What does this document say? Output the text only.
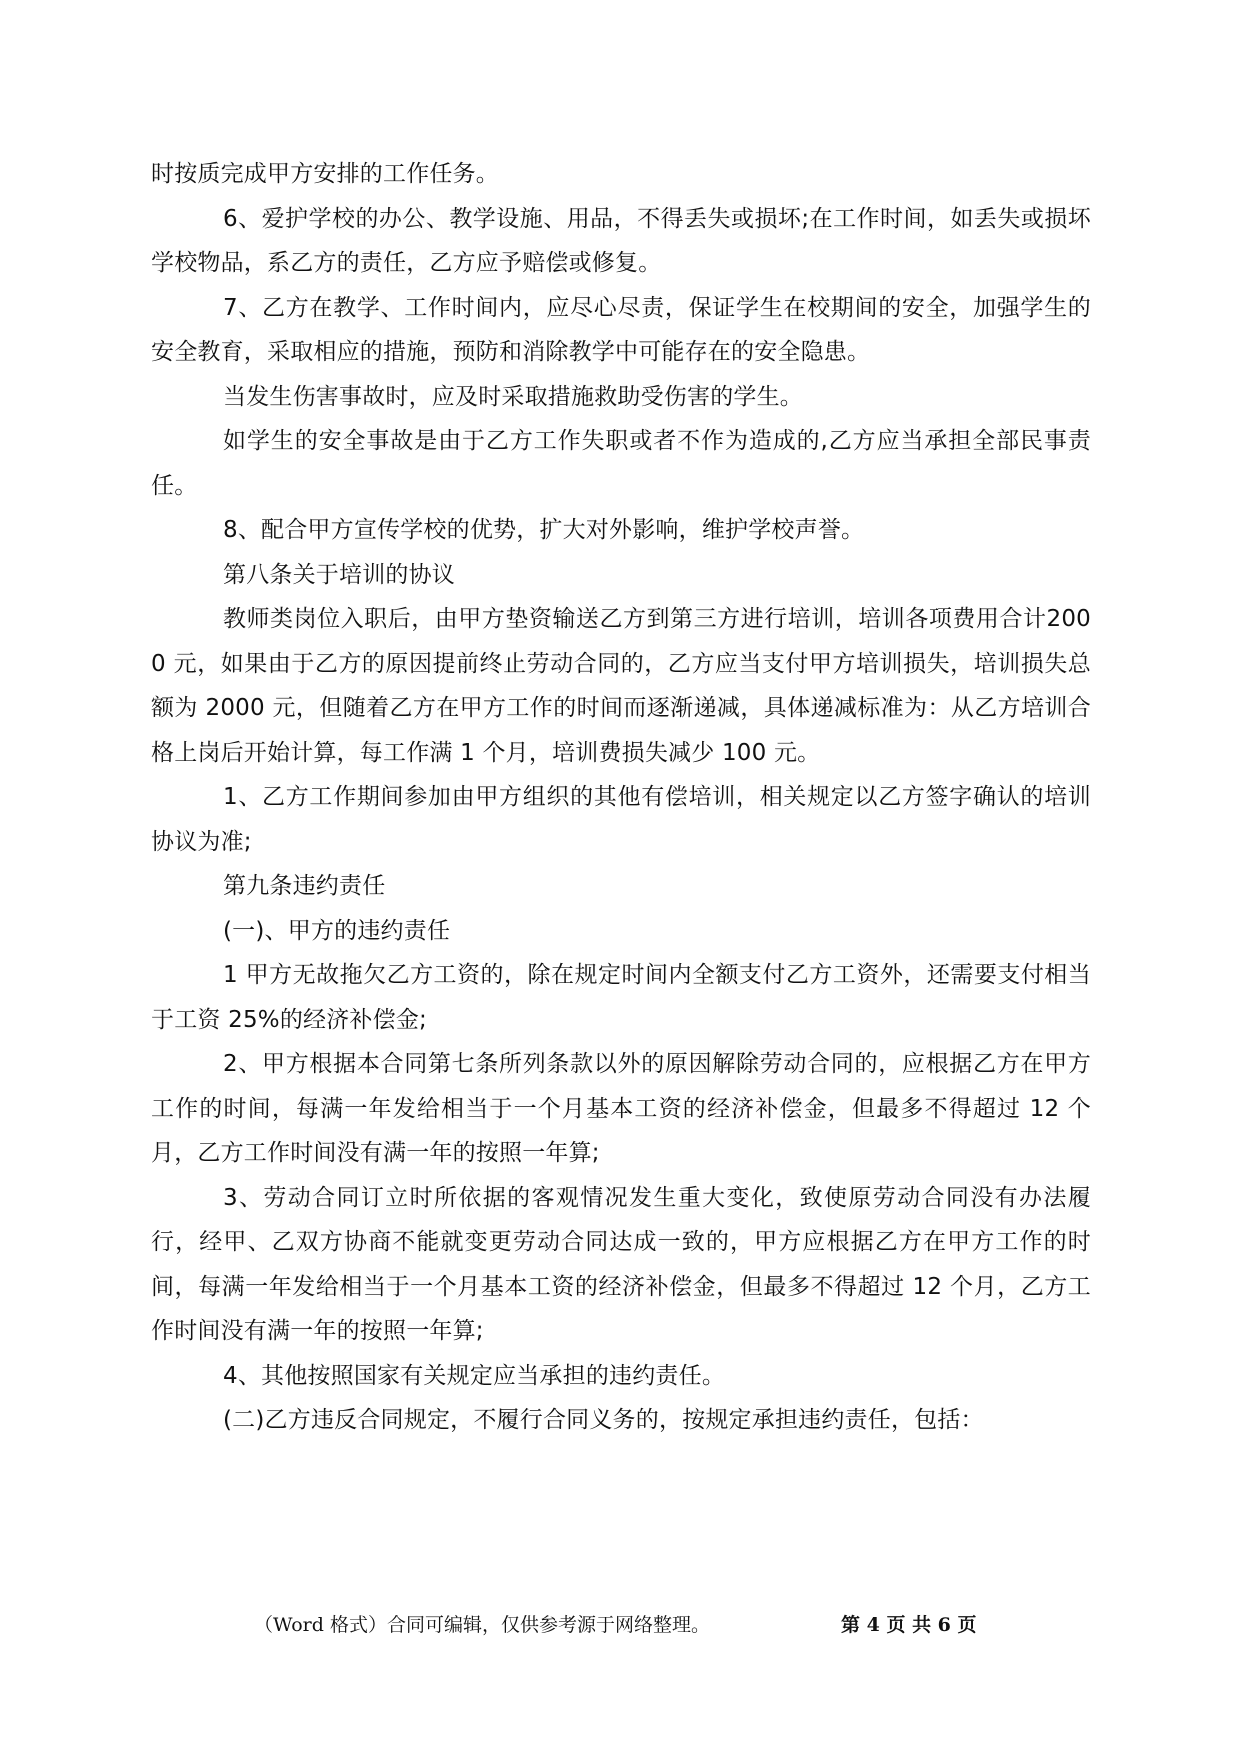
时按质完成甲方安排的工作任务。

6、爱护学校的办公、教学设施、用品，不得丢失或损坏;在工作时间，如丢失或损坏学校物品，系乙方的责任，乙方应予赔偿或修复。

7、乙方在教学、工作时间内，应尽心尽责，保证学生在校期间的安全，加强学生的安全教育，采取相应的措施，预防和消除教学中可能存在的安全隐患。

当发生伤害事故时，应及时采取措施救助受伤害的学生。

如学生的安全事故是由于乙方工作失职或者不作为造成的,乙方应当承担全部民事责任。

8、配合甲方宣传学校的优势，扩大对外影响，维护学校声誉。

第八条关于培训的协议

教师类岗位入职后，由甲方垫资输送乙方到第三方进行培训，培训各项费用合计2000 元，如果由于乙方的原因提前终止劳动合同的，乙方应当支付甲方培训损失，培训损失总额为 2000 元，但随着乙方在甲方工作的时间而逐渐递减，具体递减标准为：从乙方培训合格上岗后开始计算，每工作满 1 个月，培训费损失减少 100 元。

1、乙方工作期间参加由甲方组织的其他有偿培训，相关规定以乙方签字确认的培训协议为准;

第九条违约责任

(一)、甲方的违约责任

1 甲方无故拖欠乙方工资的，除在规定时间内全额支付乙方工资外，还需要支付相当于工资 25%的经济补偿金;

2、甲方根据本合同第七条所列条款以外的原因解除劳动合同的，应根据乙方在甲方工作的时间，每满一年发给相当于一个月基本工资的经济补偿金，但最多不得超过 12 个月，乙方工作时间没有满一年的按照一年算;

3、劳动合同订立时所依据的客观情况发生重大变化，致使原劳动合同没有办法履行，经甲、乙双方协商不能就变更劳动合同达成一致的，甲方应根据乙方在甲方工作的时间，每满一年发给相当于一个月基本工资的经济补偿金，但最多不得超过 12 个月，乙方工作时间没有满一年的按照一年算;

4、其他按照国家有关规定应当承担的违约责任。

(二)乙方违反合同规定，不履行合同义务的，按规定承担违约责任，包括：

（Word 格式）合同可编辑，仅供参考源于网络整理。	第 4 页 共 6 页
